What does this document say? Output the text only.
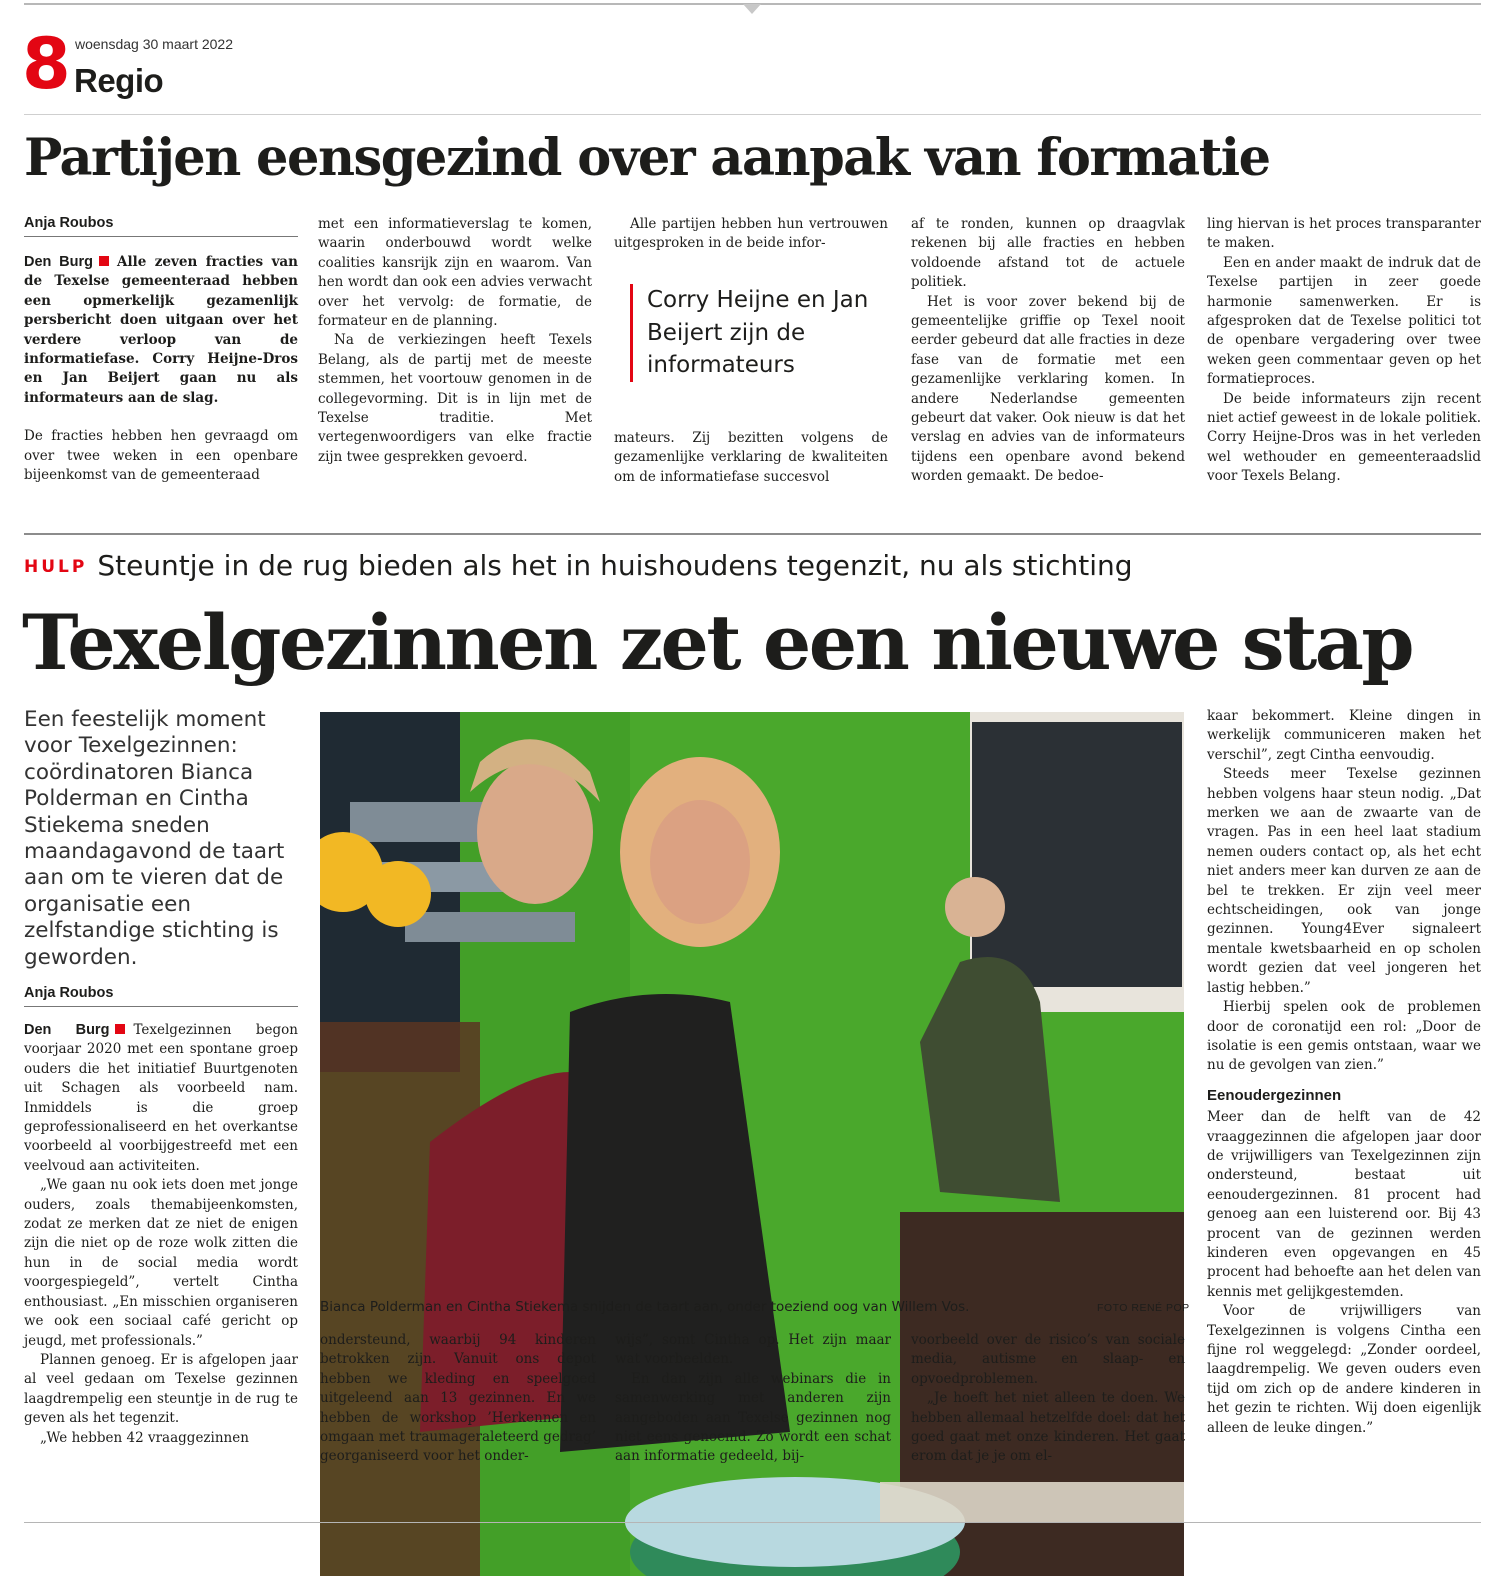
8 woensdag 30 maart 2022
Regio
Partijen eensgezind over aanpak van formatie
Anja Roubos

Den Burg Alle zeven fracties van de Texelse gemeenteraad hebben een opmerkelijk gezamenlijk persbericht doen uitgaan over het verdere verloop van de informatiefase. Corry Heijne-Dros en Jan Beijert gaan nu als informateurs aan de slag.

De fracties hebben hen gevraagd om over twee weken in een openbare bijeenkomst van de gemeenteraad

met een informatieverslag te komen, waarin onderbouwd wordt welke coalities kansrijk zijn en waarom. Van hen wordt dan ook een advies verwacht over het vervolg: de formatie, de formateur en de planning.

Na de verkiezingen heeft Texels Belang, als de partij met de meeste stemmen, het voortouw genomen in de collegevorming. Dit is in lijn met de Texelse traditie. Met vertegenwoordigers van elke fractie zijn twee gesprekken gevoerd.

Alle partijen hebben hun vertrouwen uitgesproken in de beide infor-

Corry Heijne en Jan Beijert zijn de informateurs

mateurs. Zij bezitten volgens de gezamenlijke verklaring de kwaliteiten om de informatiefase succesvol

af te ronden, kunnen op draagvlak rekenen bij alle fracties en hebben voldoende afstand tot de actuele politiek.

Het is voor zover bekend bij de gemeentelijke griffie op Texel nooit eerder gebeurd dat alle fracties in deze fase van de formatie met een gezamenlijke verklaring komen. In andere Nederlandse gemeenten gebeurt dat vaker. Ook nieuw is dat het verslag en advies van de informateurs tijdens een openbare avond bekend worden gemaakt. De bedoe-

ling hiervan is het proces transparanter te maken.

Een en ander maakt de indruk dat de Texelse partijen in zeer goede harmonie samenwerken. Er is afgesproken dat de Texelse politici tot de openbare vergadering over twee weken geen commentaar geven op het formatieproces.

De beide informateurs zijn recent niet actief geweest in de lokale politiek. Corry Heijne-Dros was in het verleden wel wethouder en gemeenteraadslid voor Texels Belang.

HULP Steuntje in de rug bieden als het in huishoudens tegenzit, nu als stichting
Texelgezinnen zet een nieuwe stap
Een feestelijk moment voor Texelgezinnen: coördinatoren Bianca Polderman en Cintha Stiekema sneden maandagavond de taart aan om te vieren dat de organisatie een zelfstandige stichting is geworden.
Anja Roubos

Den Burg Texelgezinnen begon voorjaar 2020 met een spontane groep ouders die het initiatief Buurtgenoten uit Schagen als voorbeeld nam. Inmiddels is die groep geprofessionaliseerd en het overkantse voorbeeld al voorbijgestreefd met een veelvoud aan activiteiten.

„We gaan nu ook iets doen met jonge ouders, zoals themabijeenkomsten, zodat ze merken dat ze niet de enigen zijn die niet op de roze wolk zitten die hun in de social media wordt voorgespiegeld”, vertelt Cintha enthousiast. „En misschien organiseren we ook een sociaal café gericht op jeugd, met professionals.”

Plannen genoeg. Er is afgelopen jaar al veel gedaan om Texelse gezinnen laagdrempelig een steuntje in de rug te geven als het tegenzit.

„We hebben 42 vraaggezinnen

Bianca Polderman en Cintha Stiekema snijden de taart aan, onder toeziend oog van Willem Vos.	FOTO RENÉ POP

ondersteund, waarbij 94 kinderen betrokken zijn. Vanuit ons depot hebben we kleding en speelgoed uitgeleend aan 13 gezinnen. En we hebben de workshop ’Herkennen en omgaan met traumageraleteerd gedrag’ georganiseerd voor het onder-

wijs”, somt Cintha op. Het zijn maar wat voorbeelden.

En dan zijn alle webinars die in samenwerking met anderen zijn aangeboden aan Texelse gezinnen nog niet eens genoemd. Zo wordt een schat aan informatie gedeeld, bij-

voorbeeld over de risico’s van sociale media, autisme en slaap- en opvoedproblemen.

„Je hoeft het niet alleen te doen. We hebben allemaal hetzelfde doel: dat het goed gaat met onze kinderen. Het gaat erom dat je je om el-

kaar bekommert. Kleine dingen in werkelijk communiceren maken het verschil”, zegt Cintha eenvoudig.

Steeds meer Texelse gezinnen hebben volgens haar steun nodig. „Dat merken we aan de zwaarte van de vragen. Pas in een heel laat stadium nemen ouders contact op, als het echt niet anders meer kan durven ze aan de bel te trekken. Er zijn veel meer echtscheidingen, ook van jonge gezinnen. Young4Ever signaleert mentale kwetsbaarheid en op scholen wordt gezien dat veel jongeren het lastig hebben.”

Hierbij spelen ook de problemen door de coronatijd een rol: „Door de isolatie is een gemis ontstaan, waar we nu de gevolgen van zien.”

Eenoudergezinnen

Meer dan de helft van de 42 vraaggezinnen die afgelopen jaar door de vrijwilligers van Texelgezinnen zijn ondersteund, bestaat uit eenoudergezinnen. 81 procent had genoeg aan een luisterend oor. Bij 43 procent van de gezinnen werden kinderen even opgevangen en 45 procent had behoefte aan het delen van kennis met gelijkgestemden.

Voor de vrijwilligers van Texelgezinnen is volgens Cintha een fijne rol weggelegd: „Zonder oordeel, laagdrempelig. We geven ouders even tijd om zich op de andere kinderen in het gezin te richten. Wij doen eigenlijk alleen de leuke dingen.”
